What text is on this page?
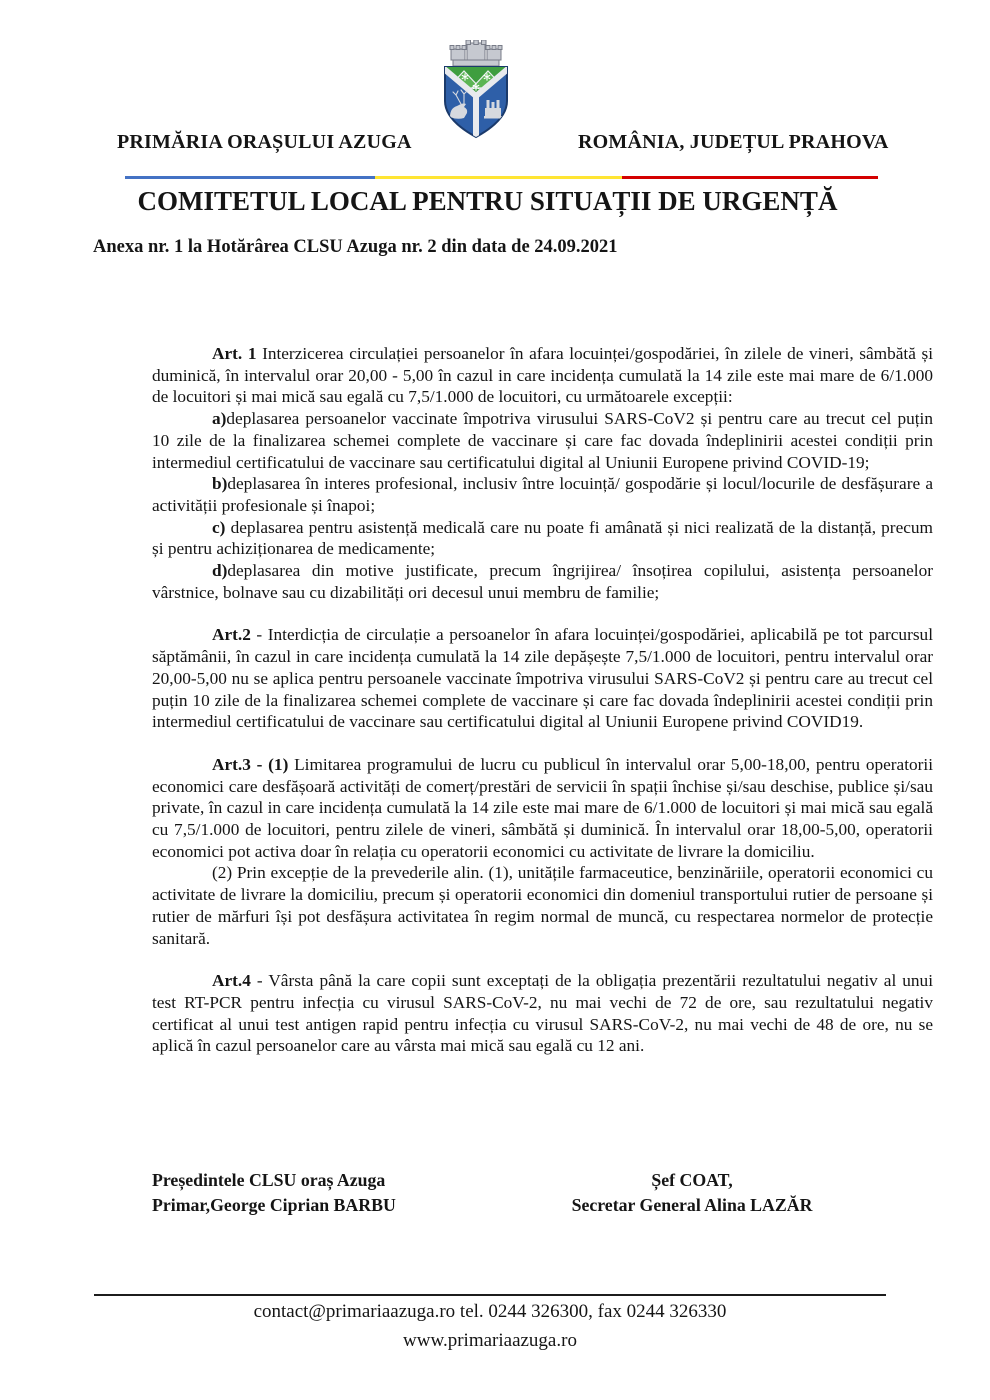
PRIMĂRIA ORAȘULUI AZUGA	ROMÂNIA, JUDEȚUL PRAHOVA
COMITETUL LOCAL PENTRU SITUAȚII DE URGENȚĂ
Anexa nr. 1 la Hotărârea CLSU Azuga nr. 2 din data de 24.09.2021

Art. 1 Interzicerea circulației persoanelor în afara locuinței/gospodăriei, în zilele de vineri, sâmbătă și duminică, în intervalul orar 20,00 - 5,00 în cazul in care incidența cumulată la 14 zile este mai mare de 6/1.000 de locuitori și mai mică sau egală cu 7,5/1.000 de locuitori, cu următoarele excepții:

a)deplasarea persoanelor vaccinate împotriva virusului SARS-CoV2 și pentru care au trecut cel puțin 10 zile de la finalizarea schemei complete de vaccinare și care fac dovada îndeplinirii acestei condiții prin intermediul certificatului de vaccinare sau certificatului digital al Uniunii Europene privind COVID-19;

b)deplasarea în interes profesional, inclusiv între locuință/ gospodărie și locul/locurile de desfășurare a activității profesionale și înapoi;

c) deplasarea pentru asistență medicală care nu poate fi amânată și nici realizată de la distanță, precum și pentru achiziționarea de medicamente;

d)deplasarea din motive justificate, precum îngrijirea/ însoțirea copilului, asistența persoanelor vârstnice, bolnave sau cu dizabilități ori decesul unui membru de familie;

Art.2 - Interdicția de circulație a persoanelor în afara locuinței/gospodăriei, aplicabilă pe tot parcursul săptămânii, în cazul in care incidența cumulată la 14 zile depășește 7,5/1.000 de locuitori, pentru intervalul orar 20,00-5,00 nu se aplica pentru persoanele vaccinate împotriva virusului SARS-CoV2 și pentru care au trecut cel puțin 10 zile de la finalizarea schemei complete de vaccinare și care fac dovada îndeplinirii acestei condiții prin intermediul certificatului de vaccinare sau certificatului digital al Uniunii Europene privind COVID19.

Art.3 - (1) Limitarea programului de lucru cu publicul în intervalul orar 5,00-18,00, pentru operatorii economici care desfășoară activități de comerț/prestări de servicii în spații închise și/sau deschise, publice și/sau private, în cazul in care incidența cumulată la 14 zile este mai mare de 6/1.000 de locuitori și mai mică sau egală cu 7,5/1.000 de locuitori, pentru zilele de vineri, sâmbătă și duminică. În intervalul orar 18,00-5,00, operatorii economici pot activa doar în relația cu operatorii economici cu activitate de livrare la domiciliu.

(2) Prin excepție de la prevederile alin. (1), unitățile farmaceutice, benzinăriile, operatorii economici cu activitate de livrare la domiciliu, precum și operatorii economici din domeniul transportului rutier de persoane și rutier de mărfuri își pot desfășura activitatea în regim normal de muncă, cu respectarea normelor de protecție sanitară.

Art.4 - Vârsta până la care copii sunt exceptați de la obligația prezentării rezultatului negativ al unui test RT-PCR pentru infecția cu virusul SARS-CoV-2, nu mai vechi de 72 de ore, sau rezultatului negativ certificat al unui test antigen rapid pentru infecția cu virusul SARS-CoV-2, nu mai vechi de 48 de ore, nu se aplică în cazul persoanelor care au vârsta mai mică sau egală cu 12 ani.

Președintele CLSU oraș Azuga
Primar,George Ciprian BARBU
Șef COAT,
Secretar General Alina LAZĂR
contact@primariaazuga.ro tel. 0244 326300, fax 0244 326330
www.primariaazuga.ro
